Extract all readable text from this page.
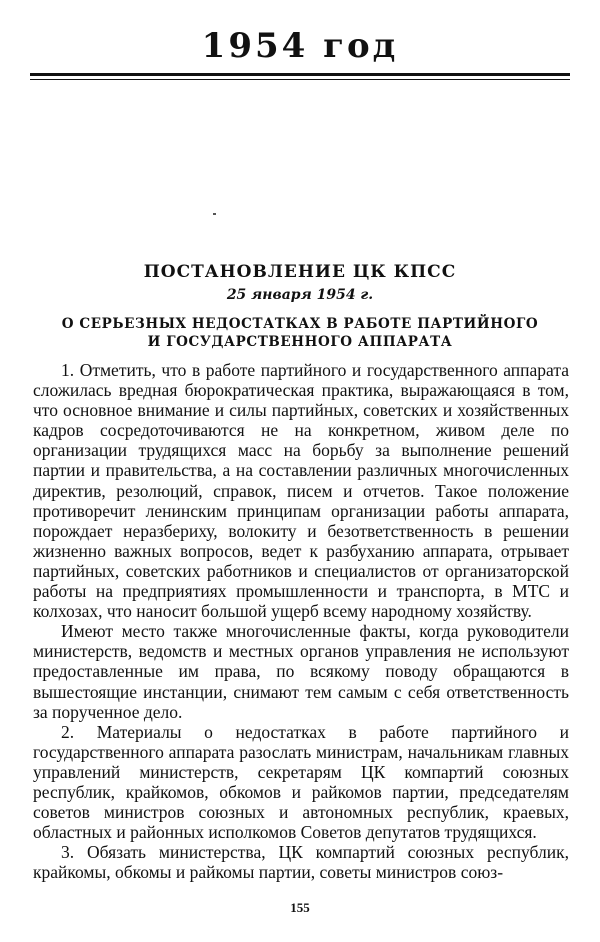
1954 год
ПОСТАНОВЛЕНИЕ ЦК КПСС
25 января 1954 г.
О СЕРЬЕЗНЫХ НЕДОСТАТКАХ В РАБОТЕ ПАРТИЙНОГО
И ГОСУДАРСТВЕННОГО АППАРАТА

1. Отметить, что в работе партийного и государственного аппарата сложилась вредная бюрократическая практика, выражающаяся в том, что основное внимание и силы партийных, советских и хозяйственных кадров сосредоточиваются не на конкретном, живом деле по организации трудящихся масс на борьбу за выполнение решений партии и правительства, а на составлении различных многочисленных директив, резолюций, справок, писем и отчетов. Такое положение противоречит ленинским принципам организации работы аппарата, порождает неразбериху, волокиту и безответственность в решении жизненно важных вопросов, ведет к разбуханию аппарата, отрывает партийных, советских работников и специалистов от организаторской работы на предприятиях промышленности и транспорта, в МТС и колхозах, что наносит большой ущерб всему народному хозяйству.

Имеют место также многочисленные факты, когда руководители министерств, ведомств и местных органов управления не используют предоставленные им права, по всякому поводу обращаются в вышестоящие инстанции, снимают тем самым с себя ответственность за порученное дело.

2. Материалы о недостатках в работе партийного и государственного аппарата разослать министрам, начальникам главных управлений министерств, секретарям ЦК компартий союзных республик, крайкомов, обкомов и райкомов партии, председателям советов министров союзных и автономных республик, краевых, областных и районных исполкомов Советов депутатов трудящихся.

3. Обязать министерства, ЦК компартий союзных республик, крайкомы, обкомы и райкомы партии, советы министров союз-

155
